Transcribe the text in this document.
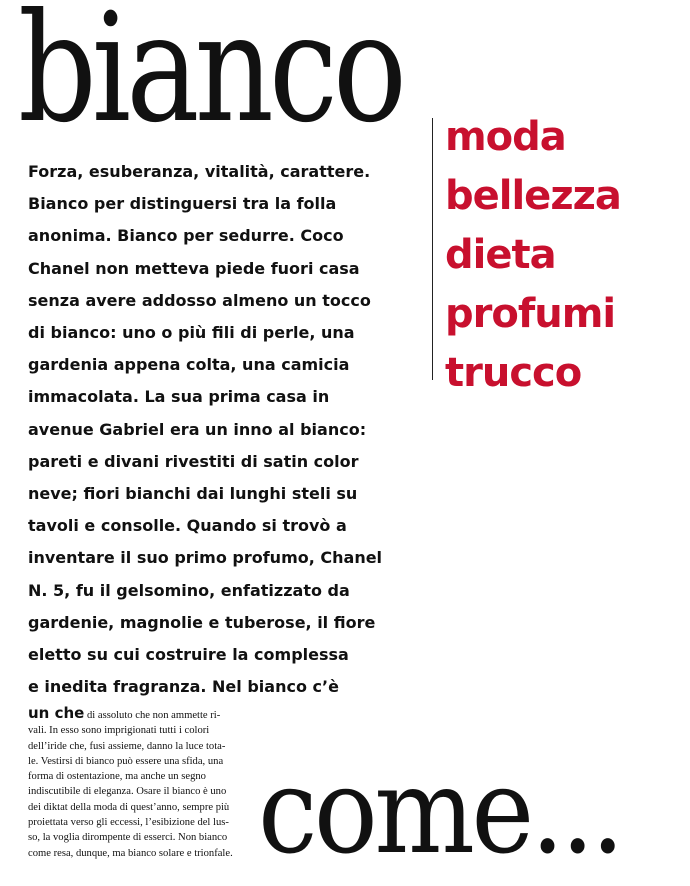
bianco moda
bellezza
dieta
profumi
trucco

Forza, esuberanza, vitalità, carattere.
Bianco per distinguersi tra la folla
anonima. Bianco per sedurre. Coco
Chanel non metteva piede fuori casa
senza avere addosso almeno un tocco
di bianco: uno o più fili di perle, una
gardenia appena colta, una camicia
immacolata. La sua prima casa in
avenue Gabriel era un inno al bianco:
pareti e divani rivestiti di satin color
neve; fiori bianchi dai lunghi steli su
tavoli e consolle. Quando si trovò a
inventare il suo primo profumo, Chanel
N. 5, fu il gelsomino, enfatizzato da
gardenie, magnolie e tuberose, il fiore
eletto su cui costruire la complessa
e inedita fragranza. Nel bianco c’è

un che di assoluto che non ammette ri-
vali. In esso sono imprigionati tutti i colori
dell’iride che, fusi assieme, danno la luce tota-
le. Vestirsi di bianco può essere una sfida, una
forma di ostentazione, ma anche un segno
indiscutibile di eleganza. Osare il bianco è uno
dei diktat della moda di quest’anno, sempre più
proiettata verso gli eccessi, l’esibizione del lus-
so, la voglia dirompente di esserci. Non bianco
come resa, dunque, ma bianco solare e trionfale. come...
